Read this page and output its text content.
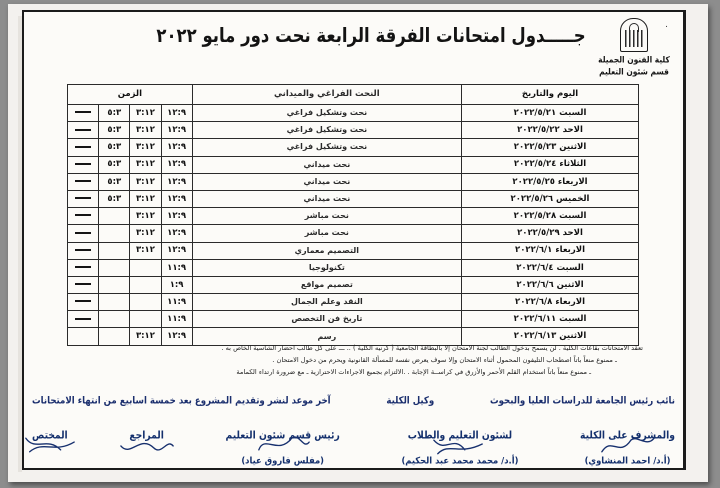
جـــــدول امتحانات الفرقة الرابعة نحت دور مايو ٢٠٢٢
كلية الفنون الجميلة
قسم شئون التعليم
٠
اليوم والتاريخ	النحت الفراغي والميداني	الزمن			
السبت ٢٠٢٢/٥/٢١	نحت وتشكيل فراغي	١٢:٩	٣:١٢	٥:٣	
الاحد ٢٠٢٢/٥/٢٢	نحت وتشكيل فراغي	١٢:٩	٣:١٢	٥:٣	
الاثنين ٢٠٢٢/٥/٢٣	نحت وتشكيل فراغي	١٢:٩	٣:١٢	٥:٣	
الثلاثاء ٢٠٢٢/٥/٢٤	نحت ميداني	١٢:٩	٣:١٢	٥:٣	
الاربعاء ٢٠٢٢/٥/٢٥	نحت ميداني	١٢:٩	٣:١٢	٥:٣	
الخميس ٢٠٢٢/٥/٢٦	نحت ميداني	١٢:٩	٣:١٢	٥:٣	
السبت ٢٠٢٢/٥/٢٨	نحت مباشر	١٢:٩	٣:١٢		
الاحد ٢٠٢٢/٥/٢٩	نحت مباشر	١٢:٩	٣:١٢		
الاربعاء ٢٠٢٢/٦/١	التصميم معماري	١٢:٩	٣:١٢		
السبت ٢٠٢٢/٦/٤	تكنولوجيا	١١:٩			
الاثنين ٢٠٢٢/٦/٦	تصميم مواقع	١:٩			
الاربعاء ٢٠٢٢/٦/٨	النقد وعلم الجمال	١١:٩			
السبت ٢٠٢٢/٦/١١	تاريخ فن التخصص	١١:٩			
الاثنين ٢٠٢٢/٦/١٣	رسم	١٢:٩	٣:١٢		
تعقد الامتحانات بقاعات الكلية . لن يسمح بدخول الطالب لجنة الامتحان إلا بالبطاقة الجامعية ( كرنيه الكلية ) .. ـــ على كل طالب احضار الشاسية الخاص به .
ـ ممنوع منعاً باتاً اصطحاب التليفون المحمول أثناء الامتحان وإلا سوف يعرض نفسه للمسألة القانونية ويحرم من دخول الامتحان .
ـ ممنوع منعاً باتاً استخدام القلم الأحمر والأزرق في كراســة الإجابة . .الالتزام بجميع الاجراءات الاحترازية ـ مع ضرورة ارتداء الكمامة
نائب رئيس الجامعة للدراسات العليا والبحوث
وكيل الكلية
آخر موعد لنشر وتقديم المشروع بعد خمسة اسابيع من انتهاء الامتحانات
والمشرف على الكلية
(أ.د/ احمد المنشاوي)
لشئون التعليم والطلاب
(أ.د/ محمد محمد عبد الحكيم)
رئيس قسم شئون التعليم
(مفلس فاروق عياد)
المراجع
المختص
